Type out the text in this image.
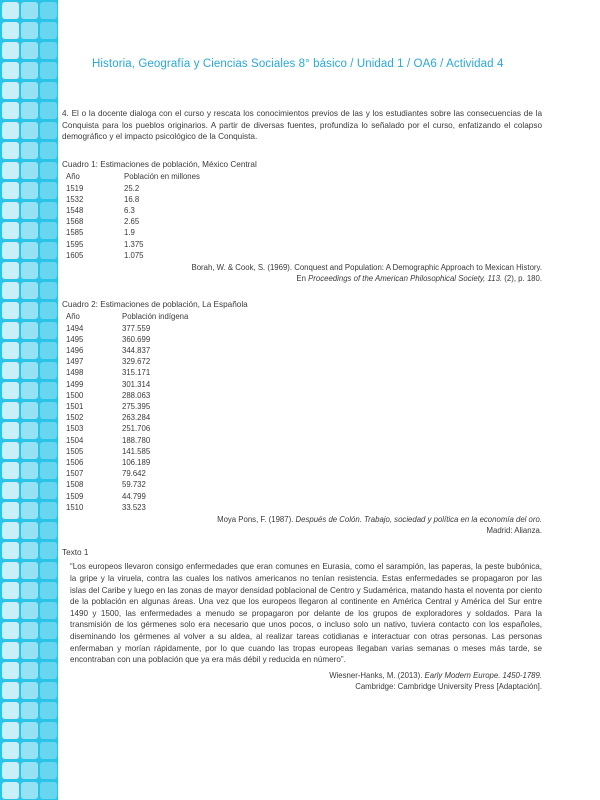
Historia, Geografía y Ciencias Sociales 8° básico / Unidad 1 / OA6 / Actividad 4

4. El o la docente dialoga con el curso y rescata los conocimientos previos de las y los estudiantes sobre las consecuencias de la Conquista para los pueblos originarios. A partir de diversas fuentes, profundiza lo señalado por el curso, enfatizando el colapso demográfico y el impacto psicológico de la Conquista.

Cuadro 1: Estimaciones de población, México Central

Año	Población en millones
1519	25.2
1532	16.8
1548	6.3
1568	2.65
1585	1.9
1595	1.375
1605	1.075
Borah, W. & Cook, S. (1969). Conquest and Population: A Demographic Approach to Mexican History.
En Proceedings of the American Philosophical Society, 113. (2), p. 180.

Cuadro 2: Estimaciones de población, La Española

Año	Población indígena
1494	377.559
1495	360.699
1496	344.837
1497	329.672
1498	315.171
1499	301.314
1500	288.063
1501	275.395
1502	263.284
1503	251.706
1504	188.780
1505	141.585
1506	106.189
1507	79.642
1508	59.732
1509	44.799
1510	33.523
Moya Pons, F. (1987). Después de Colón. Trabajo, sociedad y política en la economía del oro.
Madrid: Alianza.

Texto 1

“Los europeos llevaron consigo enfermedades que eran comunes en Eurasia, como el sarampión, las paperas, la peste bubónica, la gripe y la viruela, contra las cuales los nativos americanos no tenían resistencia. Estas enfermedades se propagaron por las islas del Caribe y luego en las zonas de mayor densidad poblacional de Centro y Sudamérica, matando hasta el noventa por ciento de la población en algunas áreas. Una vez que los europeos llegaron al continente en América Central y América del Sur entre 1490 y 1500, las enfermedades a menudo se propagaron por delante de los grupos de exploradores y soldados. Para la transmisión de los gérmenes solo era necesario que unos pocos, o incluso solo un nativo, tuviera contacto con los españoles, diseminando los gérmenes al volver a su aldea, al realizar tareas cotidianas e interactuar con otras personas. Las personas enfermaban y morían rápidamente, por lo que cuando las tropas europeas llegaban varias semanas o meses más tarde, se encontraban con una población que ya era más débil y reducida en número”.

Wiesner-Hanks, M. (2013). Early Modern Europe. 1450-1789.
Cambridge: Cambridge University Press [Adaptación].
